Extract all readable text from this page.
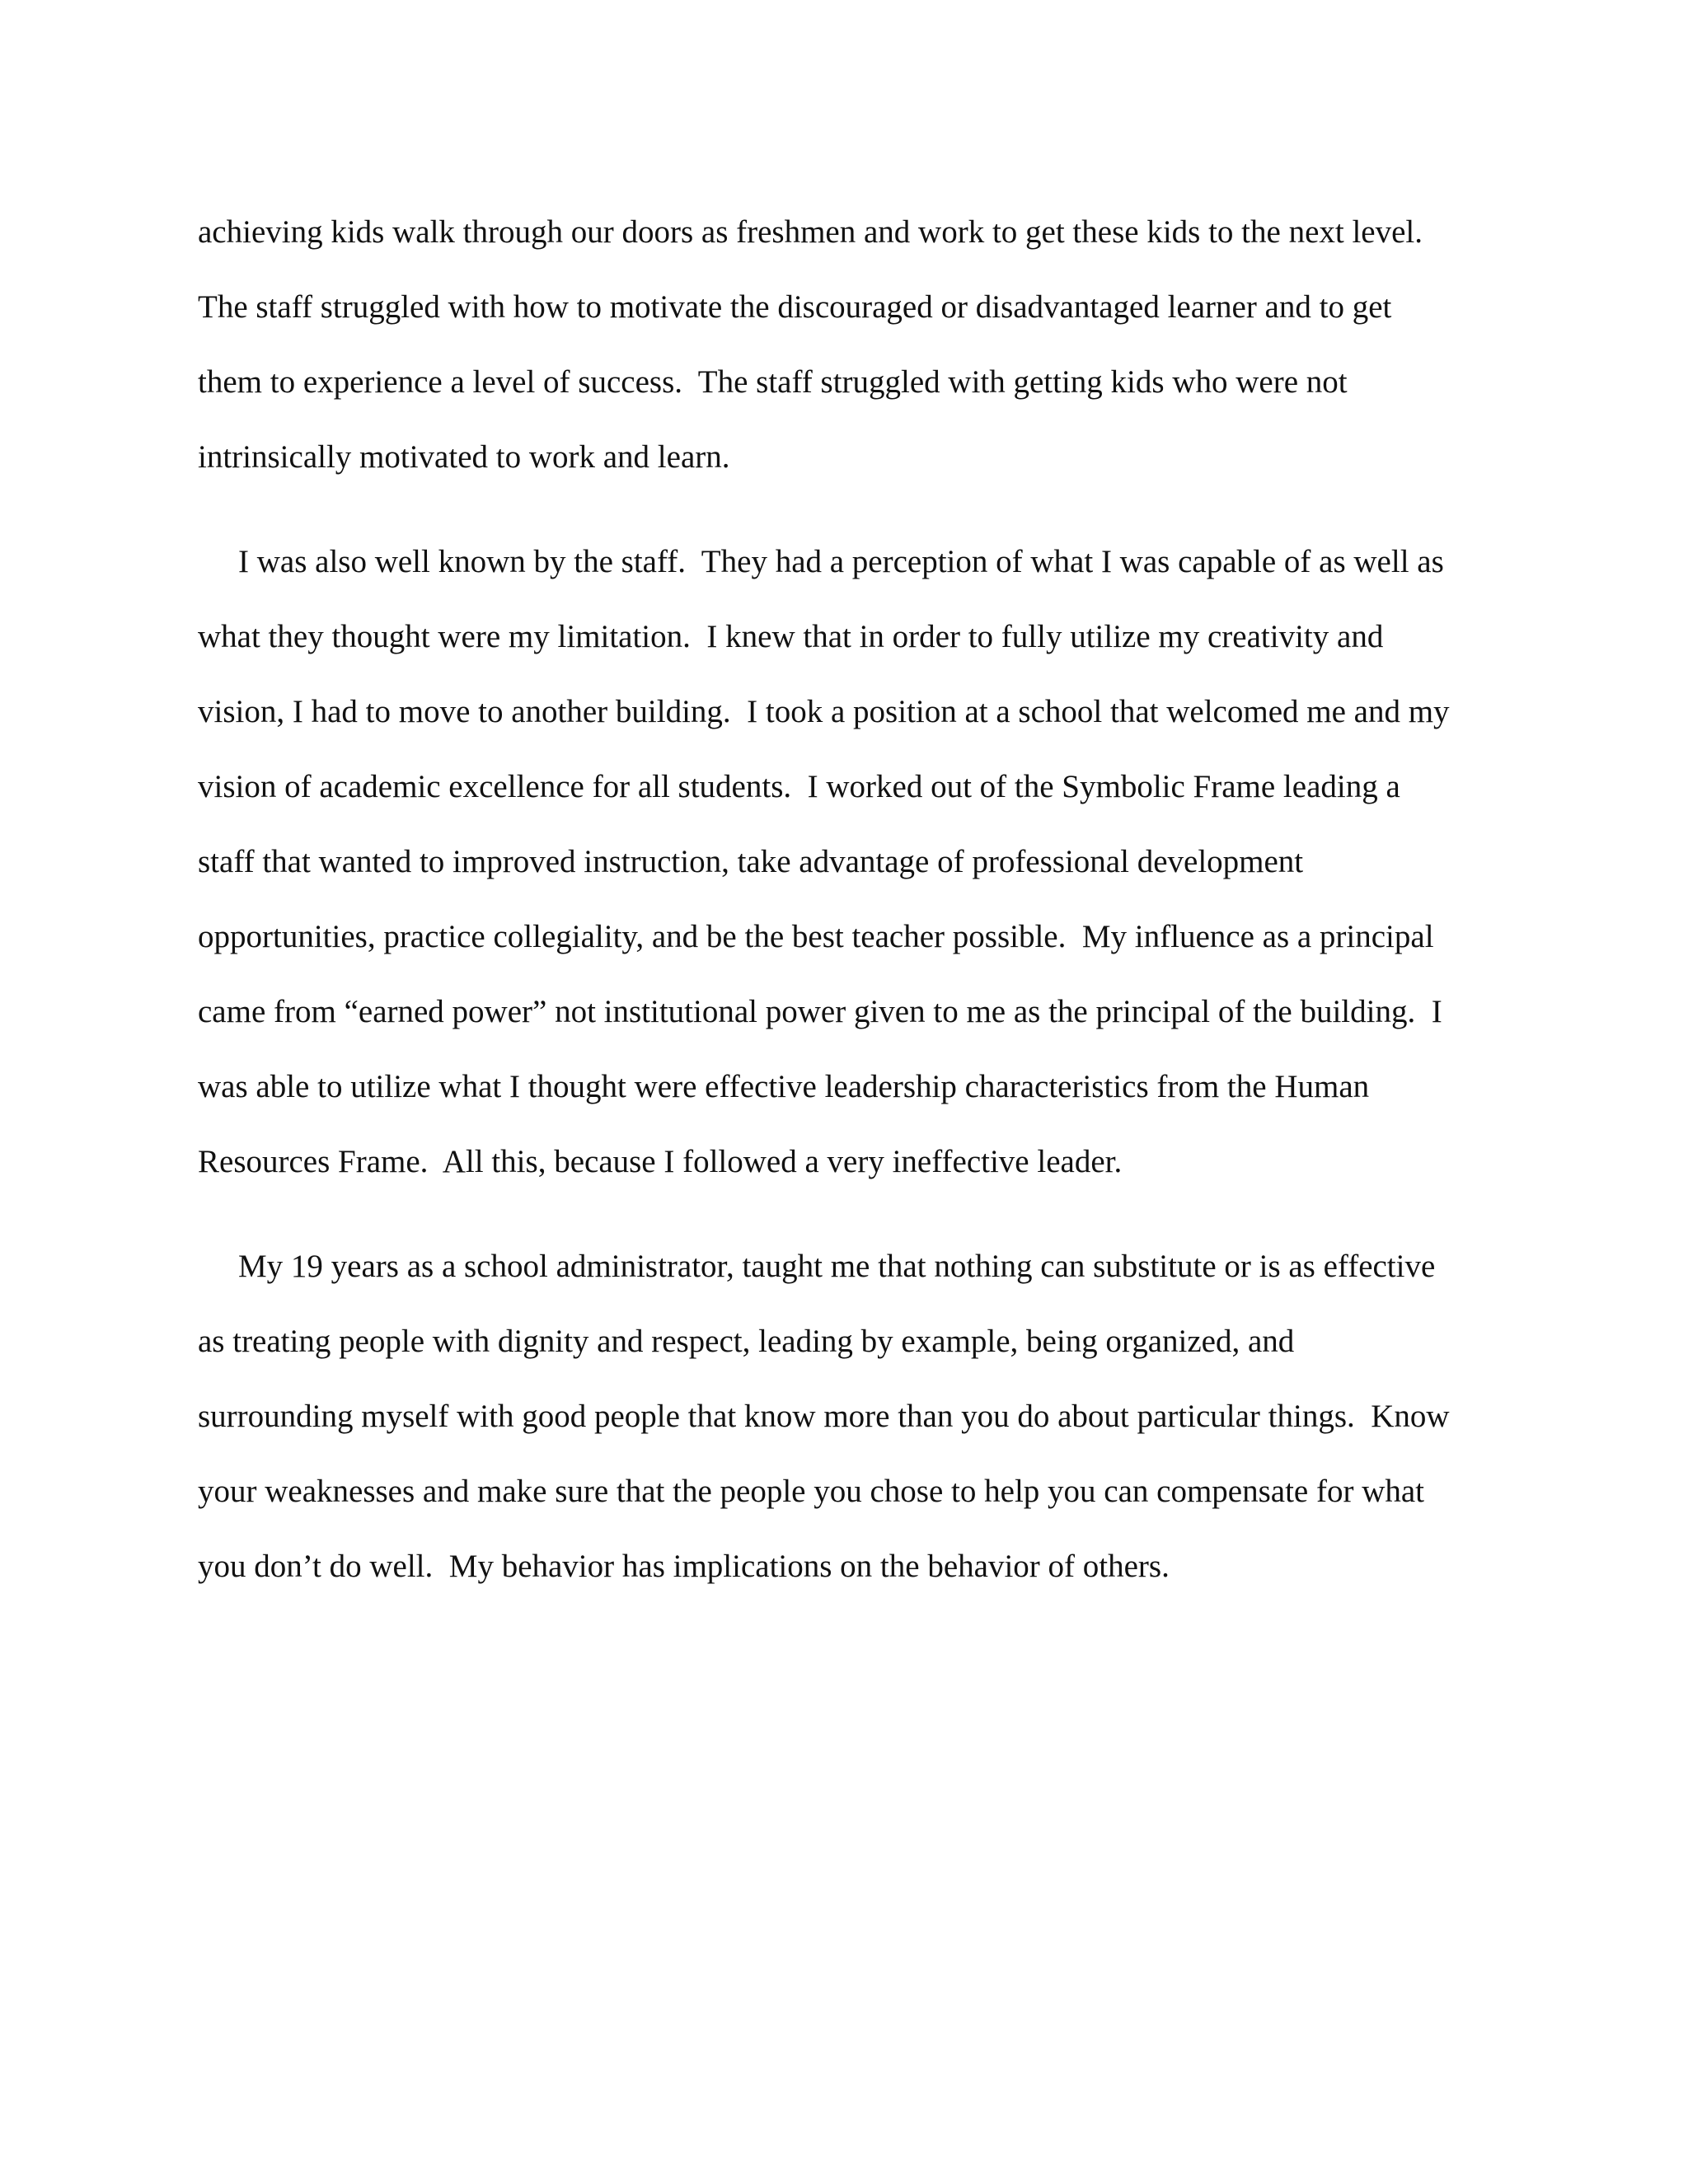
achieving kids walk through our doors as freshmen and work to get these kids to the next level.
The staff struggled with how to motivate the discouraged or disadvantaged learner and to get
them to experience a level of success.  The staff struggled with getting kids who were not
intrinsically motivated to work and learn.

I was also well known by the staff.  They had a perception of what I was capable of as well as
what they thought were my limitation.  I knew that in order to fully utilize my creativity and
vision, I had to move to another building.  I took a position at a school that welcomed me and my
vision of academic excellence for all students.  I worked out of the Symbolic Frame leading a
staff that wanted to improved instruction, take advantage of professional development
opportunities, practice collegiality, and be the best teacher possible.  My influence as a principal
came from “earned power” not institutional power given to me as the principal of the building.  I
was able to utilize what I thought were effective leadership characteristics from the Human
Resources Frame.  All this, because I followed a very ineffective leader.

My 19 years as a school administrator, taught me that nothing can substitute or is as effective
as treating people with dignity and respect, leading by example, being organized, and
surrounding myself with good people that know more than you do about particular things.  Know
your weaknesses and make sure that the people you chose to help you can compensate for what
you don’t do well.  My behavior has implications on the behavior of others.
